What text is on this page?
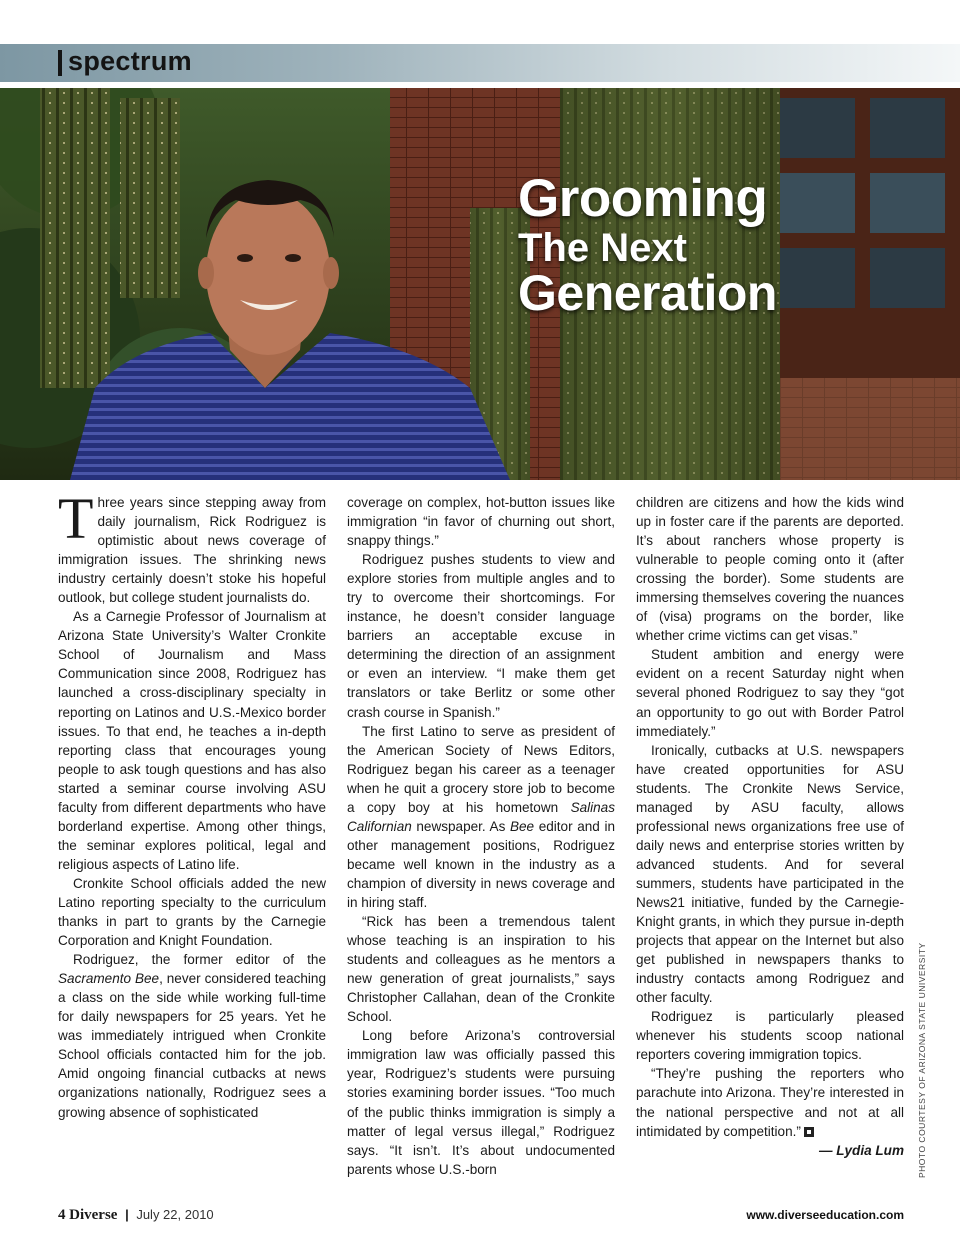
spectrum
Grooming
The Next
Generation

Three years since stepping away from daily journalism, Rick Rodriguez is optimistic about news coverage of immigration issues. The shrinking news industry certainly doesn’t stoke his hopeful outlook, but college student journalists do.

As a Carnegie Professor of Journalism at Arizona State University’s Walter Cronkite School of Journalism and Mass Communication since 2008, Rodriguez has launched a cross-disciplinary specialty in reporting on Latinos and U.S.-Mexico border issues. To that end, he teaches a in-depth reporting class that encourages young people to ask tough questions and has also started a seminar course involving ASU faculty from different departments who have borderland expertise. Among other things, the seminar explores political, legal and religious aspects of Latino life.

Cronkite School officials added the new Latino reporting specialty to the curriculum thanks in part to grants by the Carnegie Corporation and Knight Foundation.

Rodriguez, the former editor of the Sacramento Bee, never considered teaching a class on the side while working full-time for daily newspapers for 25 years. Yet he was immediately intrigued when Cronkite School officials contacted him for the job. Amid ongoing financial cutbacks at news organizations nationally, Rodriguez sees a growing absence of sophisticated

coverage on complex, hot-button issues like immigration “in favor of churning out short, snappy things.”

Rodriguez pushes students to view and explore stories from multiple angles and to try to overcome their shortcomings. For instance, he doesn’t consider language barriers an acceptable excuse in determining the direction of an assignment or even an interview. “I make them get translators or take Berlitz or some other crash course in Spanish.”

The first Latino to serve as president of the American Society of News Editors, Rodriguez began his career as a teenager when he quit a grocery store job to become a copy boy at his hometown Salinas Californian newspaper. As Bee editor and in other management positions, Rodriguez became well known in the industry as a champion of diversity in news coverage and in hiring staff.

“Rick has been a tremendous talent whose teaching is an inspiration to his students and colleagues as he mentors a new generation of great journalists,” says Christopher Callahan, dean of the Cronkite School.

Long before Arizona’s controversial immigration law was officially passed this year, Rodriguez’s students were pursuing stories examining border issues. “Too much of the public thinks immigration is simply a matter of legal versus illegal,” Rodriguez says. “It isn’t. It’s about undocumented parents whose U.S.-born

children are citizens and how the kids wind up in foster care if the parents are deported. It’s about ranchers whose property is vulnerable to people coming onto it (after crossing the border). Some students are immersing themselves covering the nuances of (visa) programs on the border, like whether crime victims can get visas.”

Student ambition and energy were evident on a recent Saturday night when several phoned Rodriguez to say they “got an opportunity to go out with Border Patrol immediately.”

Ironically, cutbacks at U.S. newspapers have created opportunities for ASU students. The Cronkite News Service, managed by ASU faculty, allows professional news organizations free use of daily news and enterprise stories written by advanced students. And for several summers, students have participated in the News21 initiative, funded by the Carnegie-Knight grants, in which they pursue in-depth projects that appear on the Internet but also get published in newspapers thanks to industry contacts among Rodriguez and other faculty.

Rodriguez is particularly pleased whenever his students scoop national reporters covering immigration topics.

“They’re pushing the reporters who parachute into Arizona. They’re interested in the national perspective and not at all intimidated by competition.”

— Lydia Lum PHOTO COURTESY OF ARIZONA STATE UNIVERSITY
4 Diverse | July 22, 2010	www.diverseeducation.com
